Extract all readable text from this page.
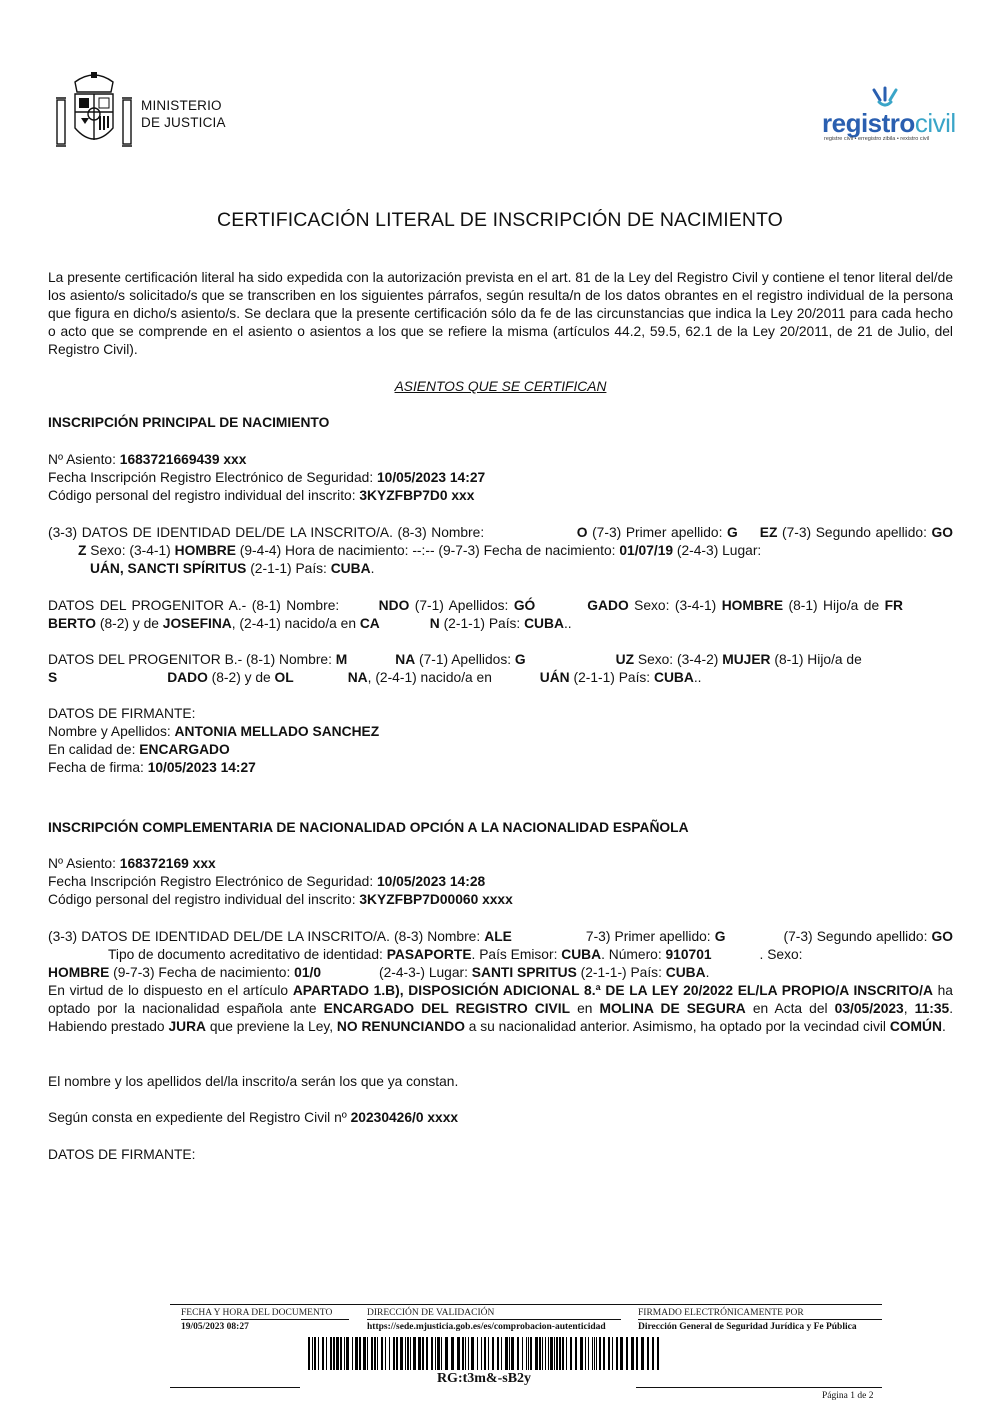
MINISTERIO
DE JUSTICIA	registrocivil
registre civil • erregistro zibila • rexistro civil
CERTIFICACIÓN LITERAL DE INSCRIPCIÓN DE NACIMIENTO
La presente certificación literal ha sido expedida con la autorización prevista en el art. 81 de la Ley del Registro Civil y contiene el tenor literal del/de los asiento/s solicitado/s que se transcriben en los siguientes párrafos, según resulta/n de los datos obrantes en el registro individual de la persona que figura en dicho/s asiento/s. Se declara que la presente certificación sólo da fe de las circunstancias que indica la Ley 20/2011 para cada hecho o acto que se comprende en el asiento o asientos a los que se refiere la misma (artículos 44.2, 59.5, 62.1 de la Ley 20/2011, de 21 de Julio, del Registro Civil).
ASIENTOS QUE SE CERTIFICAN
INSCRIPCIÓN PRINCIPAL DE NACIMIENTO
Nº Asiento: 1683721669439 xxx
Fecha Inscripción Registro Electrónico de Seguridad: 10/05/2023 14:27
Código personal del registro individual del inscrito: 3KYZFBP7D0 xxx
(3-3) DATOS DE IDENTIDAD DEL/DE LA INSCRITO/A. (8-3) Nombre:	O (7-3) Primer apellido: G EZ (7-3) Segundo apellido: GOZ Sexo: (3-4-1) HOMBRE (9-4-4) Hora de nacimiento: --:-- (9-7-3) Fecha de nacimiento: 01/07/19 (2-4-3) Lugar:
UÁN, SANCTI SPÍRITUS (2-1-1) País: CUBA.
DATOS DEL PROGENITOR A.- (8-1) Nombre: NDO (7-1) Apellidos: GÓ	GADO Sexo: (3-4-1) HOMBRE (8-1) Hijo/a de FRBERTO (8-2) y de JOSEFINA, (2-4-1) nacido/a en CA	N (2-1-1) País: CUBA..
DATOS DEL PROGENITOR B.- (8-1) Nombre: M	NA (7-1) Apellidos: G	UZ Sexo: (3-4-2) MUJER (8-1) Hijo/a de
S	DADO (8-2) y de OL	NA, (2-4-1) nacido/a en	UÁN (2-1-1) País: CUBA..
DATOS DE FIRMANTE:
Nombre y Apellidos: ANTONIA MELLADO SANCHEZ
En calidad de: ENCARGADO
Fecha de firma: 10/05/2023 14:27
INSCRIPCIÓN COMPLEMENTARIA DE NACIONALIDAD OPCIÓN A LA NACIONALIDAD ESPAÑOLA
Nº Asiento: 168372169 xxx
Fecha Inscripción Registro Electrónico de Seguridad: 10/05/2023 14:28
Código personal del registro individual del inscrito: 3KYZFBP7D00060 xxxx
(3-3) DATOS DE IDENTIDAD DEL/DE LA INSCRITO/A. (8-3) Nombre: ALE	7-3) Primer apellido: G	(7-3) Segundo apellido: GOTipo de documento acreditativo de identidad: PASAPORTE. País Emisor: CUBA. Número: 910701	. Sexo:
HOMBRE (9-7-3) Fecha de nacimiento: 01/0	(2-4-3-) Lugar: SANTI SPRITUS (2-1-1-) País: CUBA.
En virtud de lo dispuesto en el artículo APARTADO 1.B), DISPOSICIÓN ADICIONAL 8.ª DE LA LEY 20/2022 EL/LA PROPIO/A INSCRITO/A ha optado por la nacionalidad española ante ENCARGADO DEL REGISTRO CIVIL en MOLINA DE SEGURA en Acta del 03/05/2023, 11:35. Habiendo prestado JURA que previene la Ley, NO RENUNCIANDO a su nacionalidad anterior. Asimismo, ha optado por la vecindad civil COMÚN.
El nombre y los apellidos del/la inscrito/a serán los que ya constan.
Según consta en expediente del Registro Civil nº 20230426/0 xxxx
DATOS DE FIRMANTE:
FECHA Y HORA DEL DOCUMENTO
19/05/2023 08:27
DIRECCIÓN DE VALIDACIÓN
https://sede.mjusticia.gob.es/es/comprobacion-autenticidad
FIRMADO ELECTRÓNICAMENTE POR
Dirección General de Seguridad Jurídica y Fe Pública
RG:t3m&-sB2y
Página 1 de 2
